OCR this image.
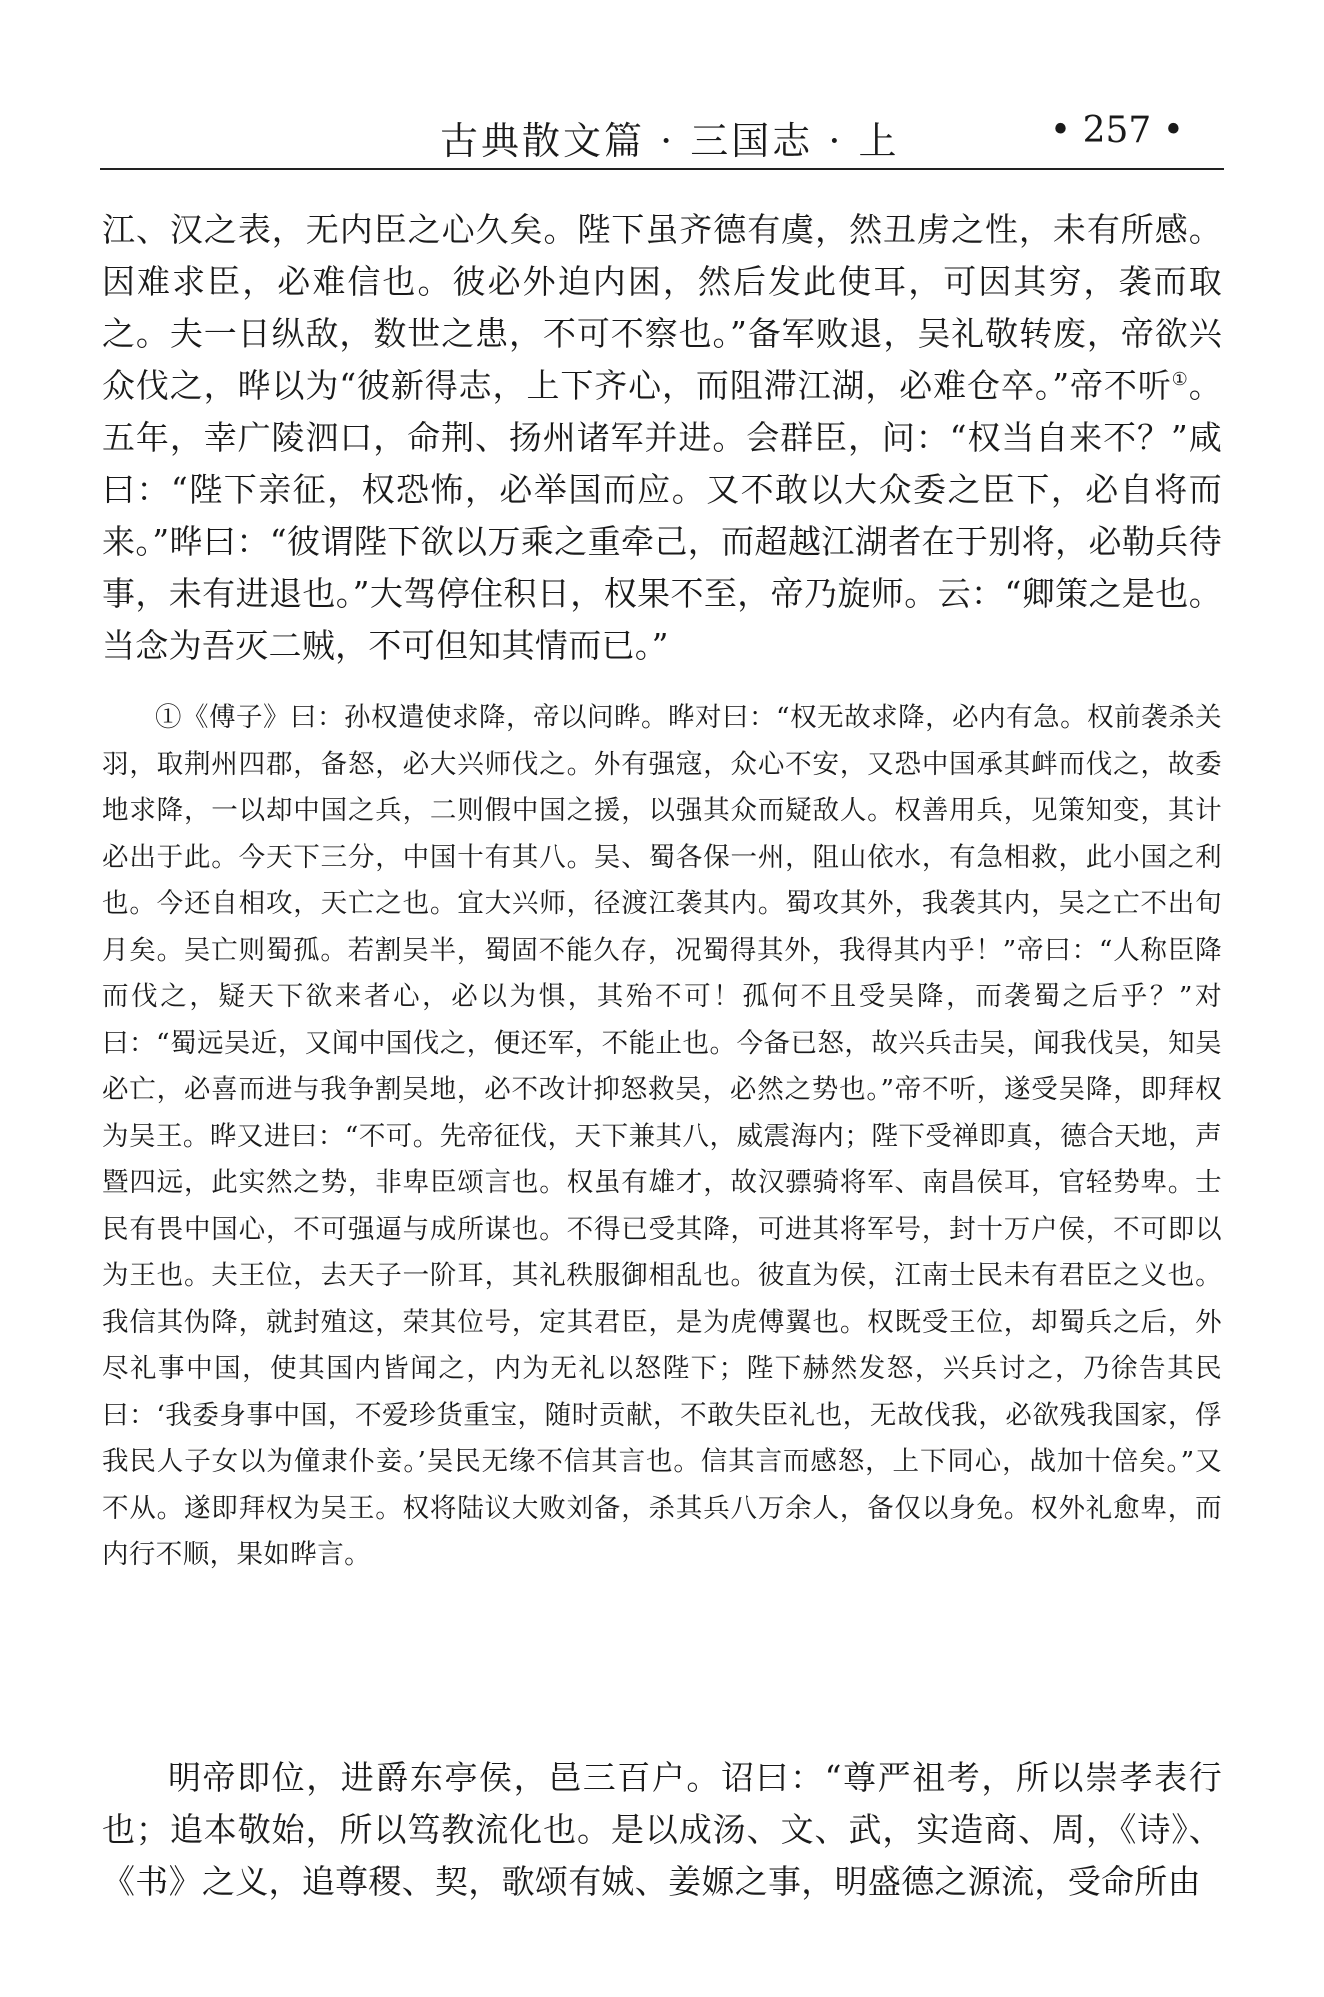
古典散文篇 · 三国志 · 上	• 257 •

江、汉之表，无内臣之心久矣。陛下虽齐德有虞，然丑虏之性，未有所感。因难求臣，必难信也。彼必外迫内困，然后发此使耳，可因其穷，袭而取之。夫一日纵敌，数世之患，不可不察也。”备军败退，吴礼敬转废，帝欲兴众伐之，晔以为“彼新得志，上下齐心，而阻滞江湖，必难仓卒。”帝不听①。五年，幸广陵泗口，命荆、扬州诸军并进。会群臣，问：“权当自来不？”咸曰：“陛下亲征，权恐怖，必举国而应。又不敢以大众委之臣下，必自将而来。”晔曰：“彼谓陛下欲以万乘之重牵己，而超越江湖者在于别将，必勒兵待事，未有进退也。”大驾停住积日，权果不至，帝乃旋师。云：“卿策之是也。当念为吾灭二贼，不可但知其情而已。”

①《傅子》曰：孙权遣使求降，帝以问晔。晔对曰：“权无故求降，必内有急。权前袭杀关羽，取荆州四郡，备怒，必大兴师伐之。外有强寇，众心不安，又恐中国承其衅而伐之，故委地求降，一以却中国之兵，二则假中国之援，以强其众而疑敌人。权善用兵，见策知变，其计必出于此。今天下三分，中国十有其八。吴、蜀各保一州，阻山依水，有急相救，此小国之利也。今还自相攻，天亡之也。宜大兴师，径渡江袭其内。蜀攻其外，我袭其内，吴之亡不出旬月矣。吴亡则蜀孤。若割吴半，蜀固不能久存，况蜀得其外，我得其内乎！”帝曰：“人称臣降而伐之，疑天下欲来者心，必以为惧，其殆不可！孤何不且受吴降，而袭蜀之后乎？”对曰：“蜀远吴近，又闻中国伐之，便还军，不能止也。今备已怒，故兴兵击吴，闻我伐吴，知吴必亡，必喜而进与我争割吴地，必不改计抑怒救吴，必然之势也。”帝不听，遂受吴降，即拜权为吴王。晔又进曰：“不可。先帝征伐，天下兼其八，威震海内；陛下受禅即真，德合天地，声暨四远，此实然之势，非卑臣颂言也。权虽有雄才，故汉骠骑将军、南昌侯耳，官轻势卑。士民有畏中国心，不可强逼与成所谋也。不得已受其降，可进其将军号，封十万户侯，不可即以为王也。夫王位，去天子一阶耳，其礼秩服御相乱也。彼直为侯，江南士民未有君臣之义也。我信其伪降，就封殖这，荣其位号，定其君臣，是为虎傅翼也。权既受王位，却蜀兵之后，外尽礼事中国，使其国内皆闻之，内为无礼以怒陛下；陛下赫然发怒，兴兵讨之，乃徐告其民曰：‘我委身事中国，不爱珍货重宝，随时贡献，不敢失臣礼也，无故伐我，必欲残我国家，俘我民人子女以为僮隶仆妾。’吴民无缘不信其言也。信其言而感怒，上下同心，战加十倍矣。”又不从。遂即拜权为吴王。权将陆议大败刘备，杀其兵八万余人，备仅以身免。权外礼愈卑，而内行不顺，果如晔言。

明帝即位，进爵东亭侯，邑三百户。诏曰：“尊严祖考，所以崇孝表行也；追本敬始，所以笃教流化也。是以成汤、文、武，实造商、周，《诗》、《书》之义，追尊稷、契，歌颂有娀、姜嫄之事，明盛德之源流，受命所由
